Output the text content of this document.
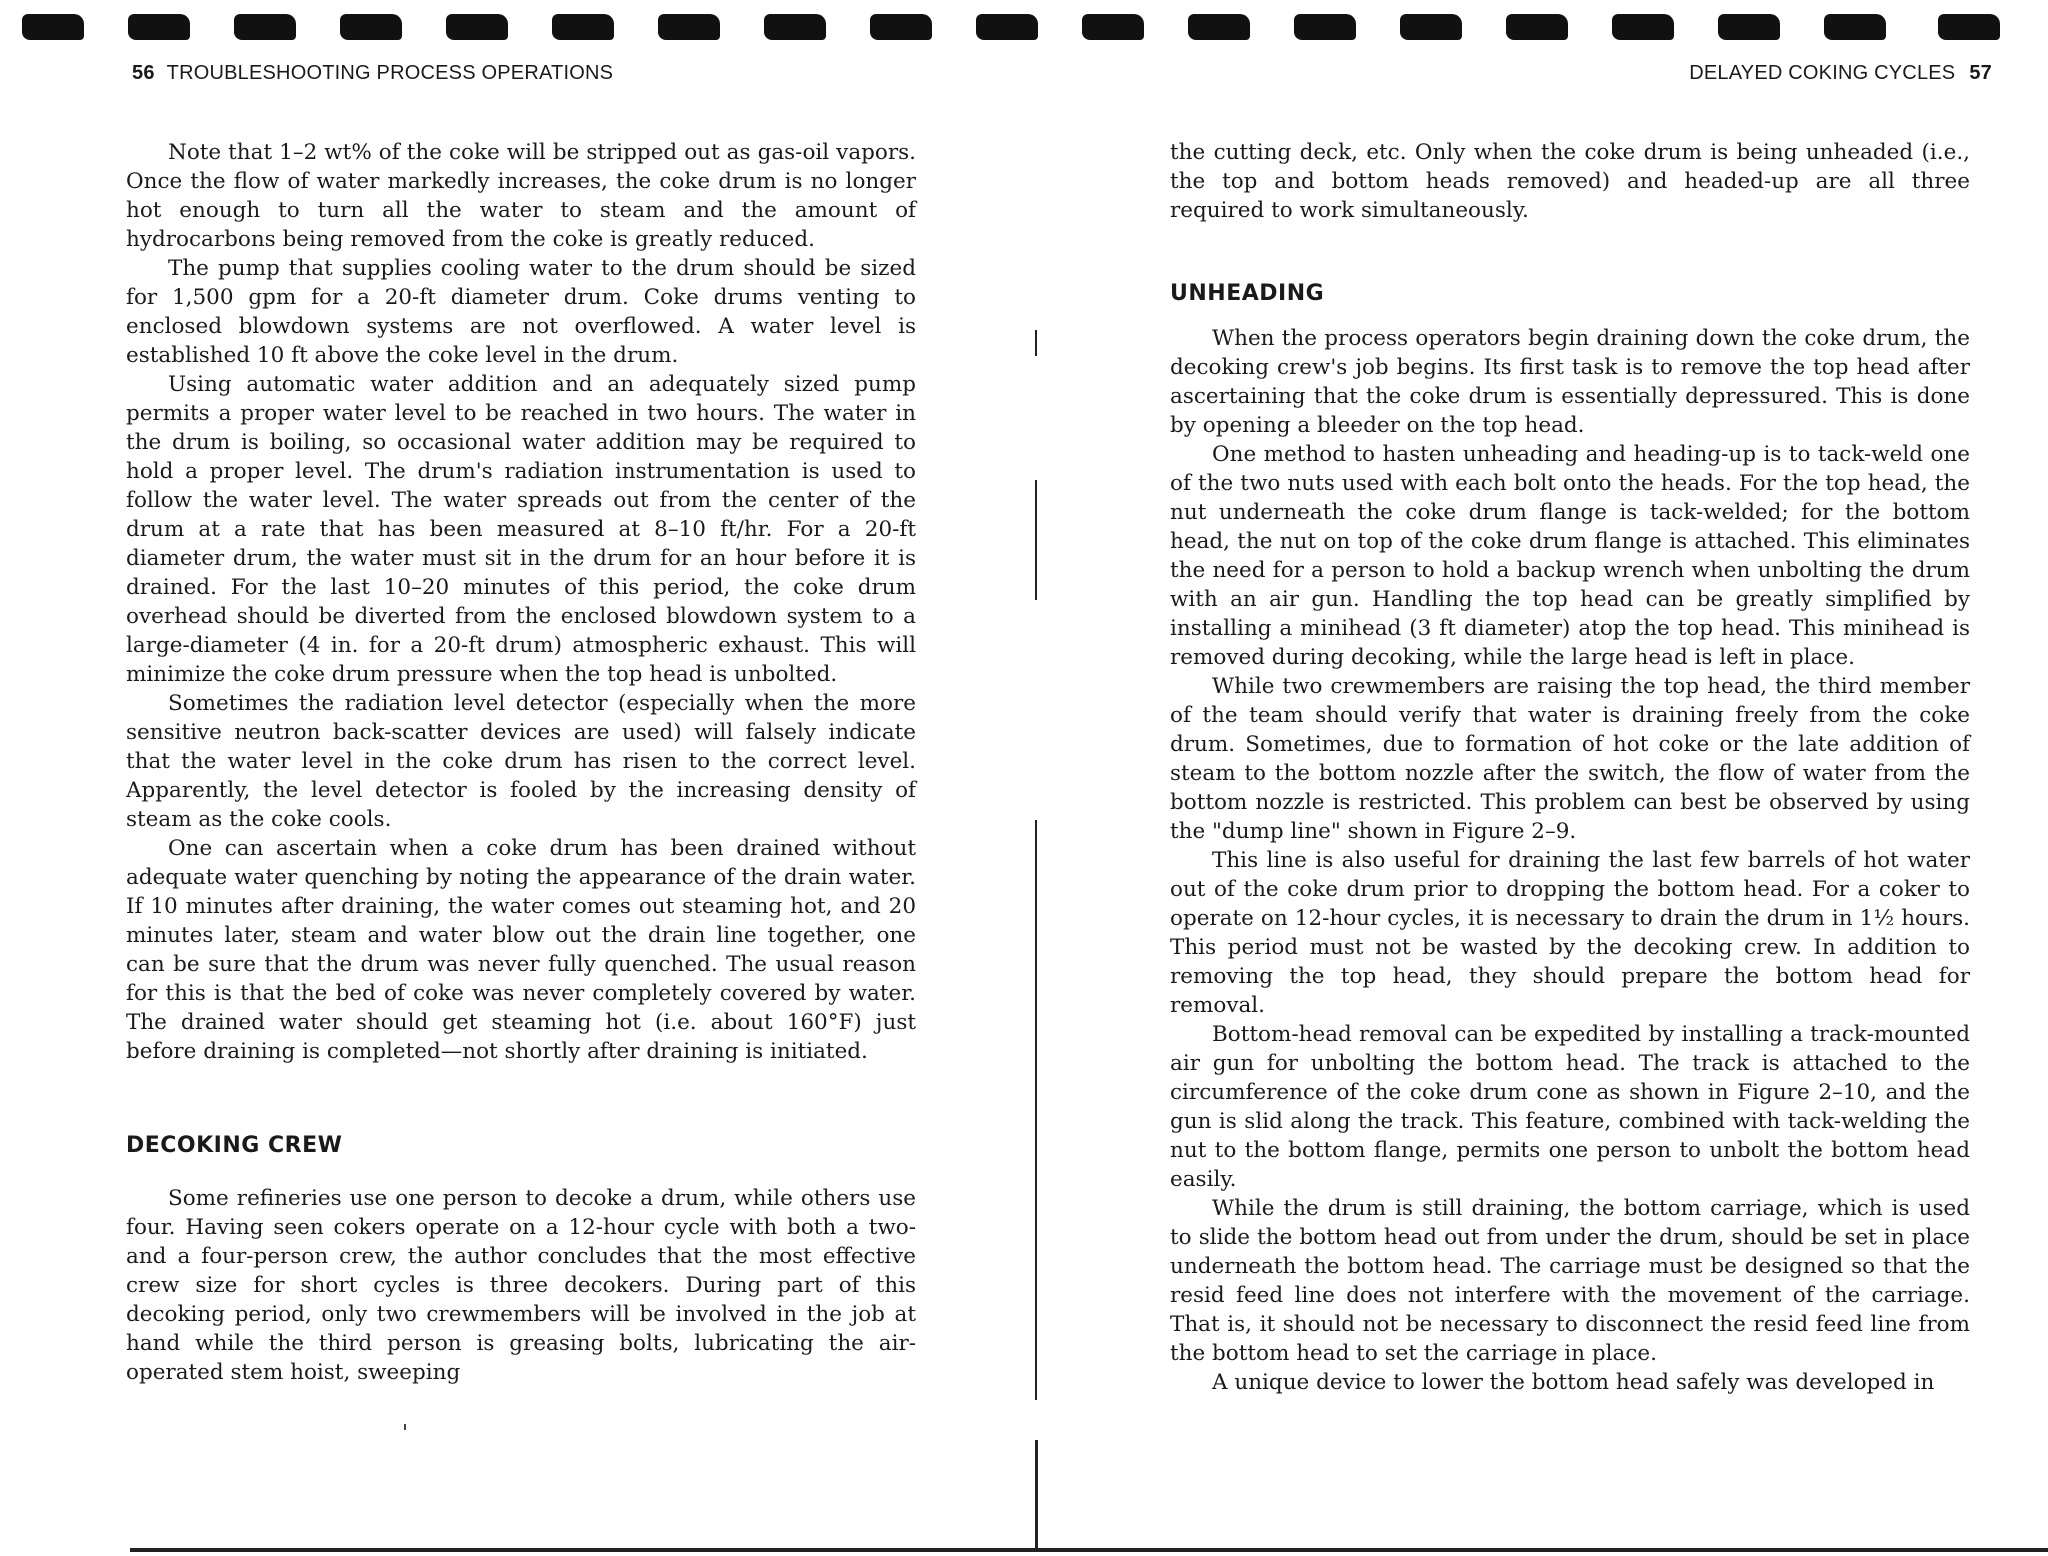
56 TROUBLESHOOTING PROCESS OPERATIONS

Note that 1–2 wt% of the coke will be stripped out as gas-oil vapors. Once the flow of water markedly increases, the coke drum is no longer hot enough to turn all the water to steam and the amount of hydrocarbons being removed from the coke is greatly reduced.

The pump that supplies cooling water to the drum should be sized for 1,500 gpm for a 20-ft diameter drum. Coke drums venting to enclosed blowdown systems are not overflowed. A water level is established 10 ft above the coke level in the drum.

Using automatic water addition and an adequately sized pump permits a proper water level to be reached in two hours. The water in the drum is boiling, so occasional water addition may be required to hold a proper level. The drum's radiation instrumentation is used to follow the water level. The water spreads out from the center of the drum at a rate that has been measured at 8–10 ft/hr. For a 20-ft diameter drum, the water must sit in the drum for an hour before it is drained. For the last 10–20 minutes of this period, the coke drum overhead should be diverted from the enclosed blowdown system to a large-diameter (4 in. for a 20-ft drum) atmospheric exhaust. This will minimize the coke drum pressure when the top head is unbolted.

Sometimes the radiation level detector (especially when the more sensitive neutron back-scatter devices are used) will falsely indicate that the water level in the coke drum has risen to the correct level. Apparently, the level detector is fooled by the increasing density of steam as the coke cools.

One can ascertain when a coke drum has been drained without adequate water quenching by noting the appearance of the drain water. If 10 minutes after draining, the water comes out steaming hot, and 20 minutes later, steam and water blow out the drain line together, one can be sure that the drum was never fully quenched. The usual reason for this is that the bed of coke was never completely covered by water. The drained water should get steaming hot (i.e. about 160°F) just before draining is completed—not shortly after draining is initiated.

DECOKING CREW

Some refineries use one person to decoke a drum, while others use four. Having seen cokers operate on a 12-hour cycle with both a two- and a four-person crew, the author concludes that the most effective crew size for short cycles is three decokers. During part of this decoking period, only two crewmembers will be involved in the job at hand while the third person is greasing bolts, lubricating the air-operated stem hoist, sweeping

DELAYED COKING CYCLES 57

the cutting deck, etc. Only when the coke drum is being unheaded (i.e., the top and bottom heads removed) and headed-up are all three required to work simultaneously.

UNHEADING

When the process operators begin draining down the coke drum, the decoking crew's job begins. Its first task is to remove the top head after ascertaining that the coke drum is essentially depressured. This is done by opening a bleeder on the top head.

One method to hasten unheading and heading-up is to tack-weld one of the two nuts used with each bolt onto the heads. For the top head, the nut underneath the coke drum flange is tack-welded; for the bottom head, the nut on top of the coke drum flange is attached. This eliminates the need for a person to hold a backup wrench when unbolting the drum with an air gun. Handling the top head can be greatly simplified by installing a minihead (3 ft diameter) atop the top head. This minihead is removed during decoking, while the large head is left in place.

While two crewmembers are raising the top head, the third member of the team should verify that water is draining freely from the coke drum. Sometimes, due to formation of hot coke or the late addition of steam to the bottom nozzle after the switch, the flow of water from the bottom nozzle is restricted. This problem can best be observed by using the "dump line" shown in Figure 2–9.

This line is also useful for draining the last few barrels of hot water out of the coke drum prior to dropping the bottom head. For a coker to operate on 12-hour cycles, it is necessary to drain the drum in 1½ hours. This period must not be wasted by the decoking crew. In addition to removing the top head, they should prepare the bottom head for removal.

Bottom-head removal can be expedited by installing a track-mounted air gun for unbolting the bottom head. The track is attached to the circumference of the coke drum cone as shown in Figure 2–10, and the gun is slid along the track. This feature, combined with tack-welding the nut to the bottom flange, permits one person to unbolt the bottom head easily.

While the drum is still draining, the bottom carriage, which is used to slide the bottom head out from under the drum, should be set in place underneath the bottom head. The carriage must be designed so that the resid feed line does not interfere with the movement of the carriage. That is, it should not be necessary to disconnect the resid feed line from the bottom head to set the carriage in place.

A unique device to lower the bottom head safely was developed in
